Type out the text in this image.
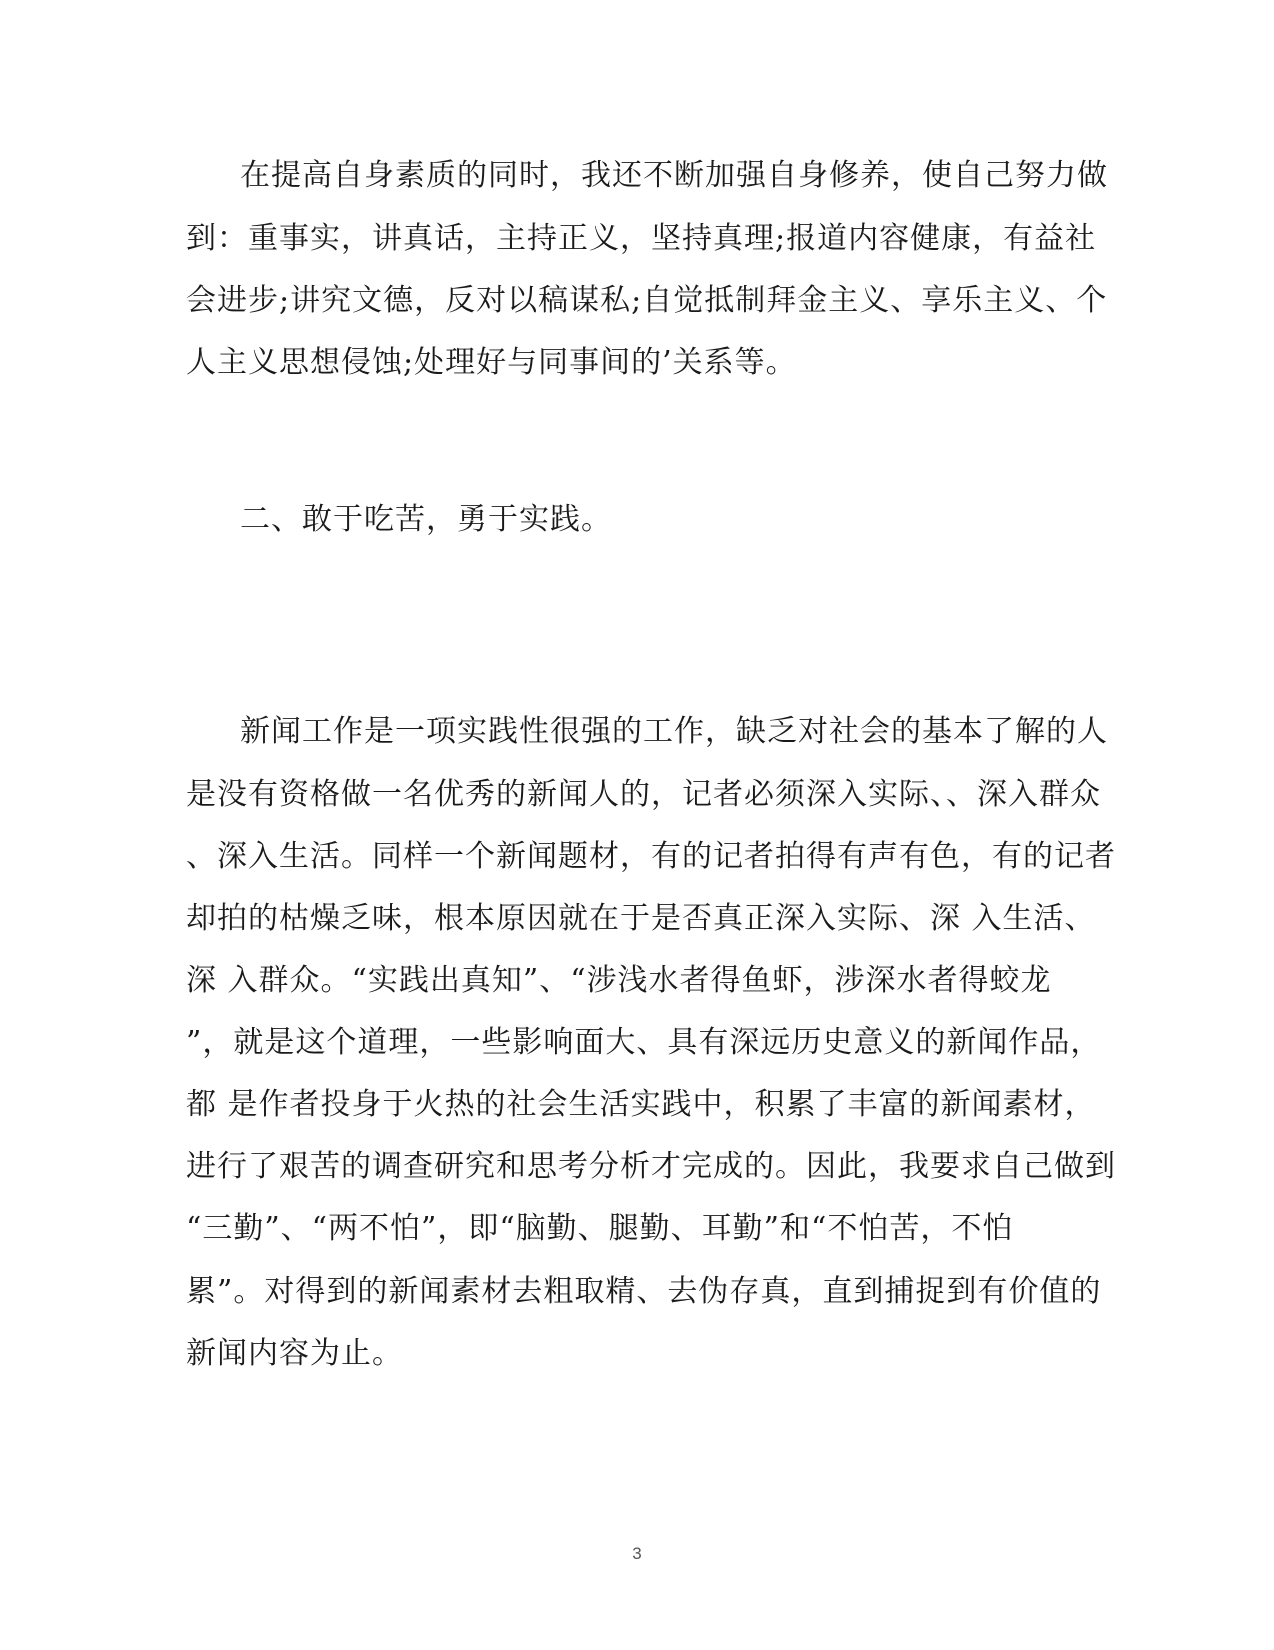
在提高自身素质的同时，我还不断加强自身修养，使自己努力做
到：重事实，讲真话，主持正义，坚持真理;报道内容健康，有益社
会进步;讲究文德，反对以稿谋私;自觉抵制拜金主义、享乐主义、个
人主义思想侵蚀;处理好与同事间的’关系等。
二、敢于吃苦，勇于实践。
新闻工作是一项实践性很强的工作，缺乏对社会的基本了解的人
是没有资格做一名优秀的新闻人的，记者必须深入实际、、深入群众
、深入生活。同样一个新闻题材，有的记者拍得有声有色，有的记者
却拍的枯燥乏味，根本原因就在于是否真正深入实际、深 入生活、
深 入群众。“实践出真知”、“涉浅水者得鱼虾，涉深水者得蛟龙
”，就是这个道理，一些影响面大、具有深远历史意义的新闻作品，
都 是作者投身于火热的社会生活实践中，积累了丰富的新闻素材，
进行了艰苦的调查研究和思考分析才完成的。因此，我要求自己做到
“三勤”、“两不怕”，即“脑勤、腿勤、耳勤”和“不怕苦，不怕
累”。对得到的新闻素材去粗取精、去伪存真，直到捕捉到有价值的
新闻内容为止。
3
